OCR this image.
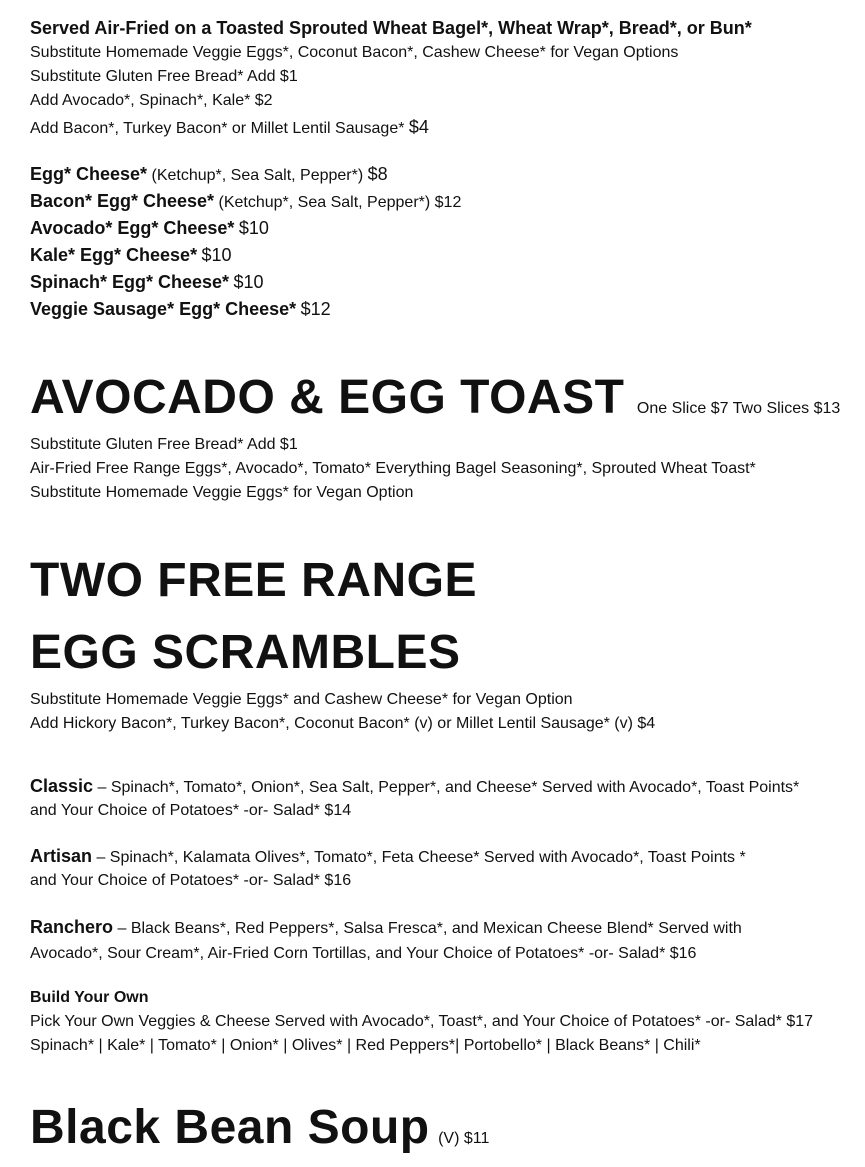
Served Air-Fried on a Toasted Sprouted Wheat Bagel*, Wheat Wrap*, Bread*, or Bun*
Substitute Homemade Veggie Eggs*, Coconut Bacon*, Cashew Cheese* for Vegan Options
Substitute Gluten Free Bread* Add $1
Add Avocado*, Spinach*, Kale* $2
Add Bacon*, Turkey Bacon* or Millet Lentil Sausage* $4
Egg* Cheese* (Ketchup*, Sea Salt, Pepper*) $8
Bacon* Egg* Cheese* (Ketchup*, Sea Salt, Pepper*) $12
Avocado* Egg* Cheese* $10
Kale* Egg* Cheese* $10
Spinach* Egg* Cheese* $10
Veggie Sausage* Egg* Cheese* $12
AVOCADO & EGG TOAST One Slice $7 Two Slices $13
Substitute Gluten Free Bread* Add $1
Air-Fried Free Range Eggs*, Avocado*, Tomato* Everything Bagel Seasoning*, Sprouted Wheat Toast*
Substitute Homemade Veggie Eggs* for Vegan Option
TWO FREE RANGE
EGG SCRAMBLES
Substitute Homemade Veggie Eggs* and Cashew Cheese* for Vegan Option
Add Hickory Bacon*, Turkey Bacon*, Coconut Bacon* (v) or Millet Lentil Sausage* (v) $4
Classic – Spinach*, Tomato*, Onion*, Sea Salt, Pepper*, and Cheese* Served with Avocado*, Toast Points*
and Your Choice of Potatoes* -or- Salad* $14
Artisan – Spinach*, Kalamata Olives*, Tomato*, Feta Cheese* Served with Avocado*, Toast Points *
and Your Choice of Potatoes* -or- Salad* $16
Ranchero – Black Beans*, Red Peppers*, Salsa Fresca*, and Mexican Cheese Blend* Served with
Avocado*, Sour Cream*, Air-Fried Corn Tortillas, and Your Choice of Potatoes* -or- Salad* $16
Build Your Own
Pick Your Own Veggies & Cheese Served with Avocado*, Toast*, and Your Choice of Potatoes* -or- Salad* $17
Spinach* | Kale* | Tomato* | Onion* | Olives* | Red Peppers*| Portobello* | Black Beans* | Chili*
Black Bean Soup (V) $11
